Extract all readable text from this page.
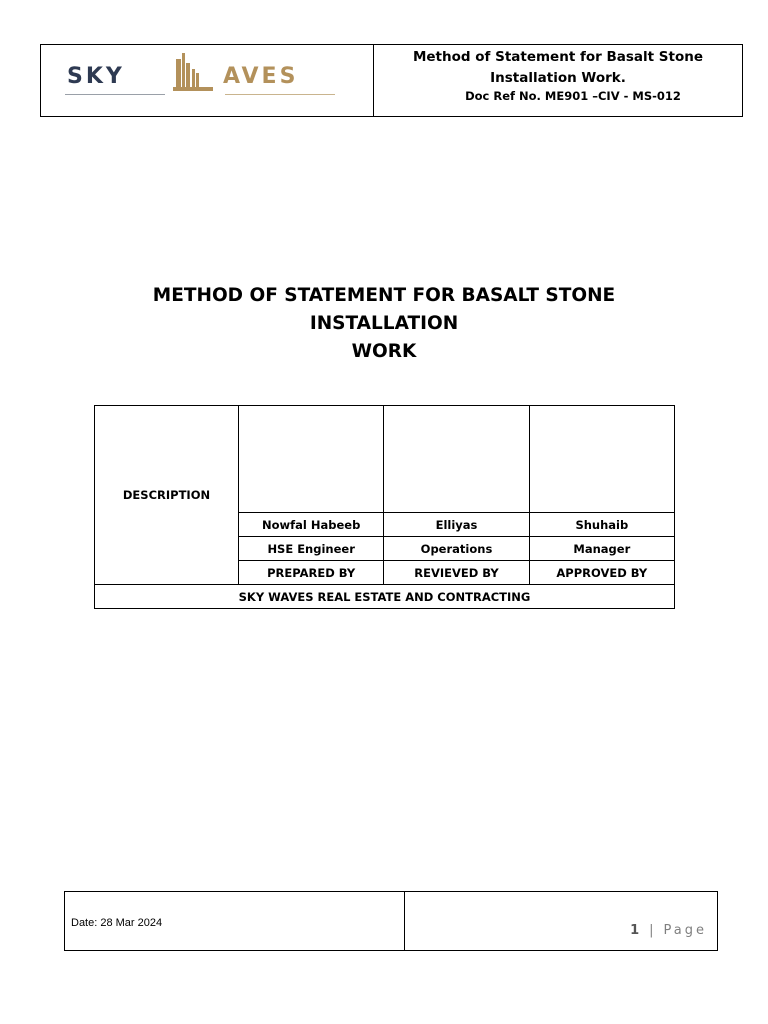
SKY	AVES
Method of Statement for Basalt Stone
Installation Work.
Doc Ref No. ME901 –CIV - MS-012
METHOD OF STATEMENT FOR BASALT STONE INSTALLATION
WORK
DESCRIPTION			
	Nowfal Habeeb	Elliyas	Shuhaib
	HSE Engineer	Operations	Manager
	PREPARED BY	REVIEVED BY	APPROVED BY
SKY WAVES REAL ESTATE AND CONTRACTING			
Date: 28 Mar 2024	1 | Page
